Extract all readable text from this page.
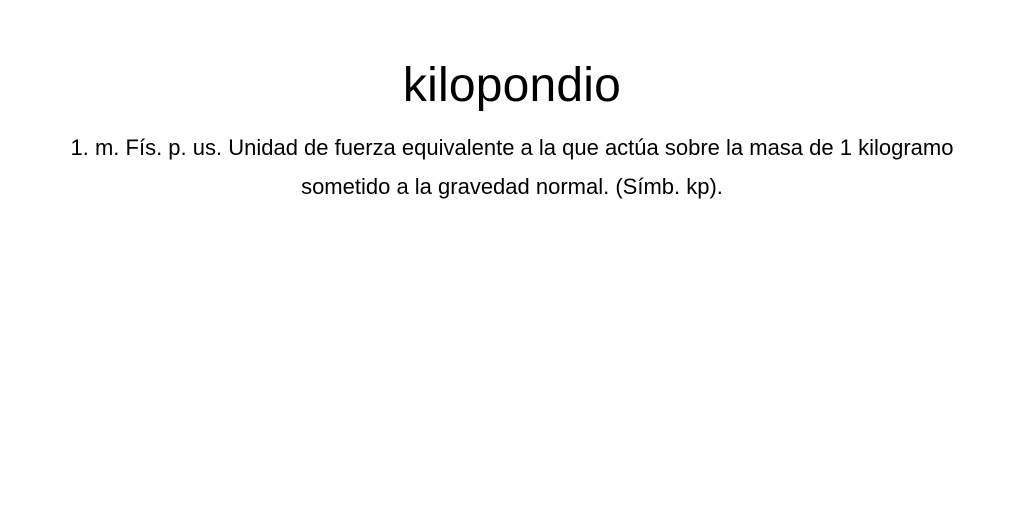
kilopondio

1. m. Fís. p. us. Unidad de fuerza equivalente a la que actúa sobre la masa de 1 kilogramo sometido a la gravedad normal. (Símb. kp).
